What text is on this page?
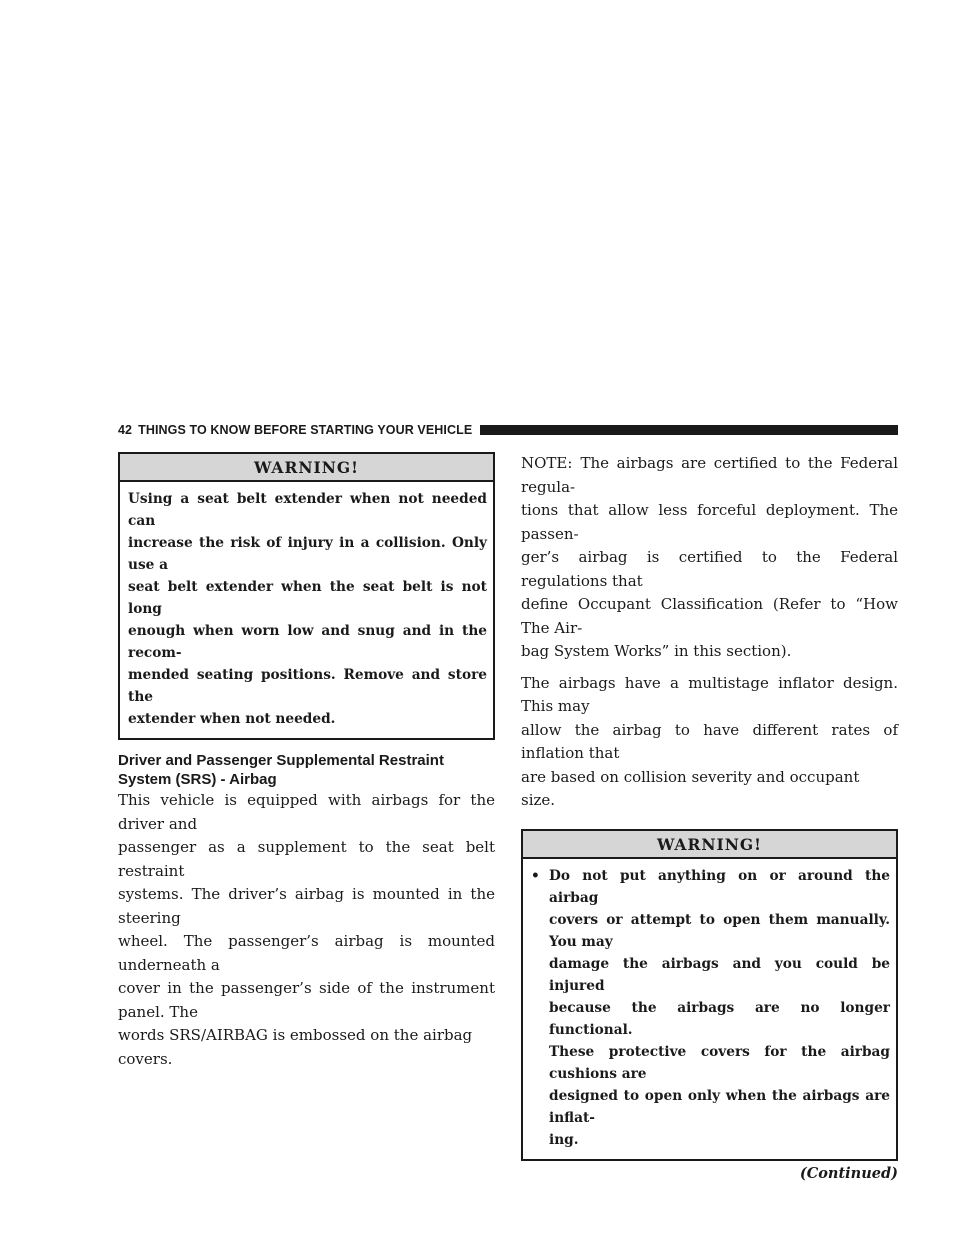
42 THINGS TO KNOW BEFORE STARTING YOUR VEHICLE
WARNING!
Using a seat belt extender when not needed can
increase the risk of injury in a collision. Only use a
seat belt extender when the seat belt is not long
enough when worn low and snug and in the recom-
mended seating positions. Remove and store the
extender when not needed.
Driver and Passenger Supplemental Restraint
System (SRS) - Airbag
This vehicle is equipped with airbags for the driver and
passenger as a supplement to the seat belt restraint
systems. The driver’s airbag is mounted in the steering
wheel. The passenger’s airbag is mounted underneath a
cover in the passenger’s side of the instrument panel. The
words SRS/AIRBAG is embossed on the airbag covers.
NOTE: The airbags are certified to the Federal regula-
tions that allow less forceful deployment. The passen-
ger’s airbag is certified to the Federal regulations that
define Occupant Classification (Refer to “How The Air-
bag System Works” in this section).
The airbags have a multistage inflator design. This may
allow the airbag to have different rates of inflation that
are based on collision severity and occupant size.
WARNING!
• Do not put anything on or around the airbag
covers or attempt to open them manually. You may
damage the airbags and you could be injured
because the airbags are no longer functional.
These protective covers for the airbag cushions are
designed to open only when the airbags are inflat-
ing.
(Continued)
